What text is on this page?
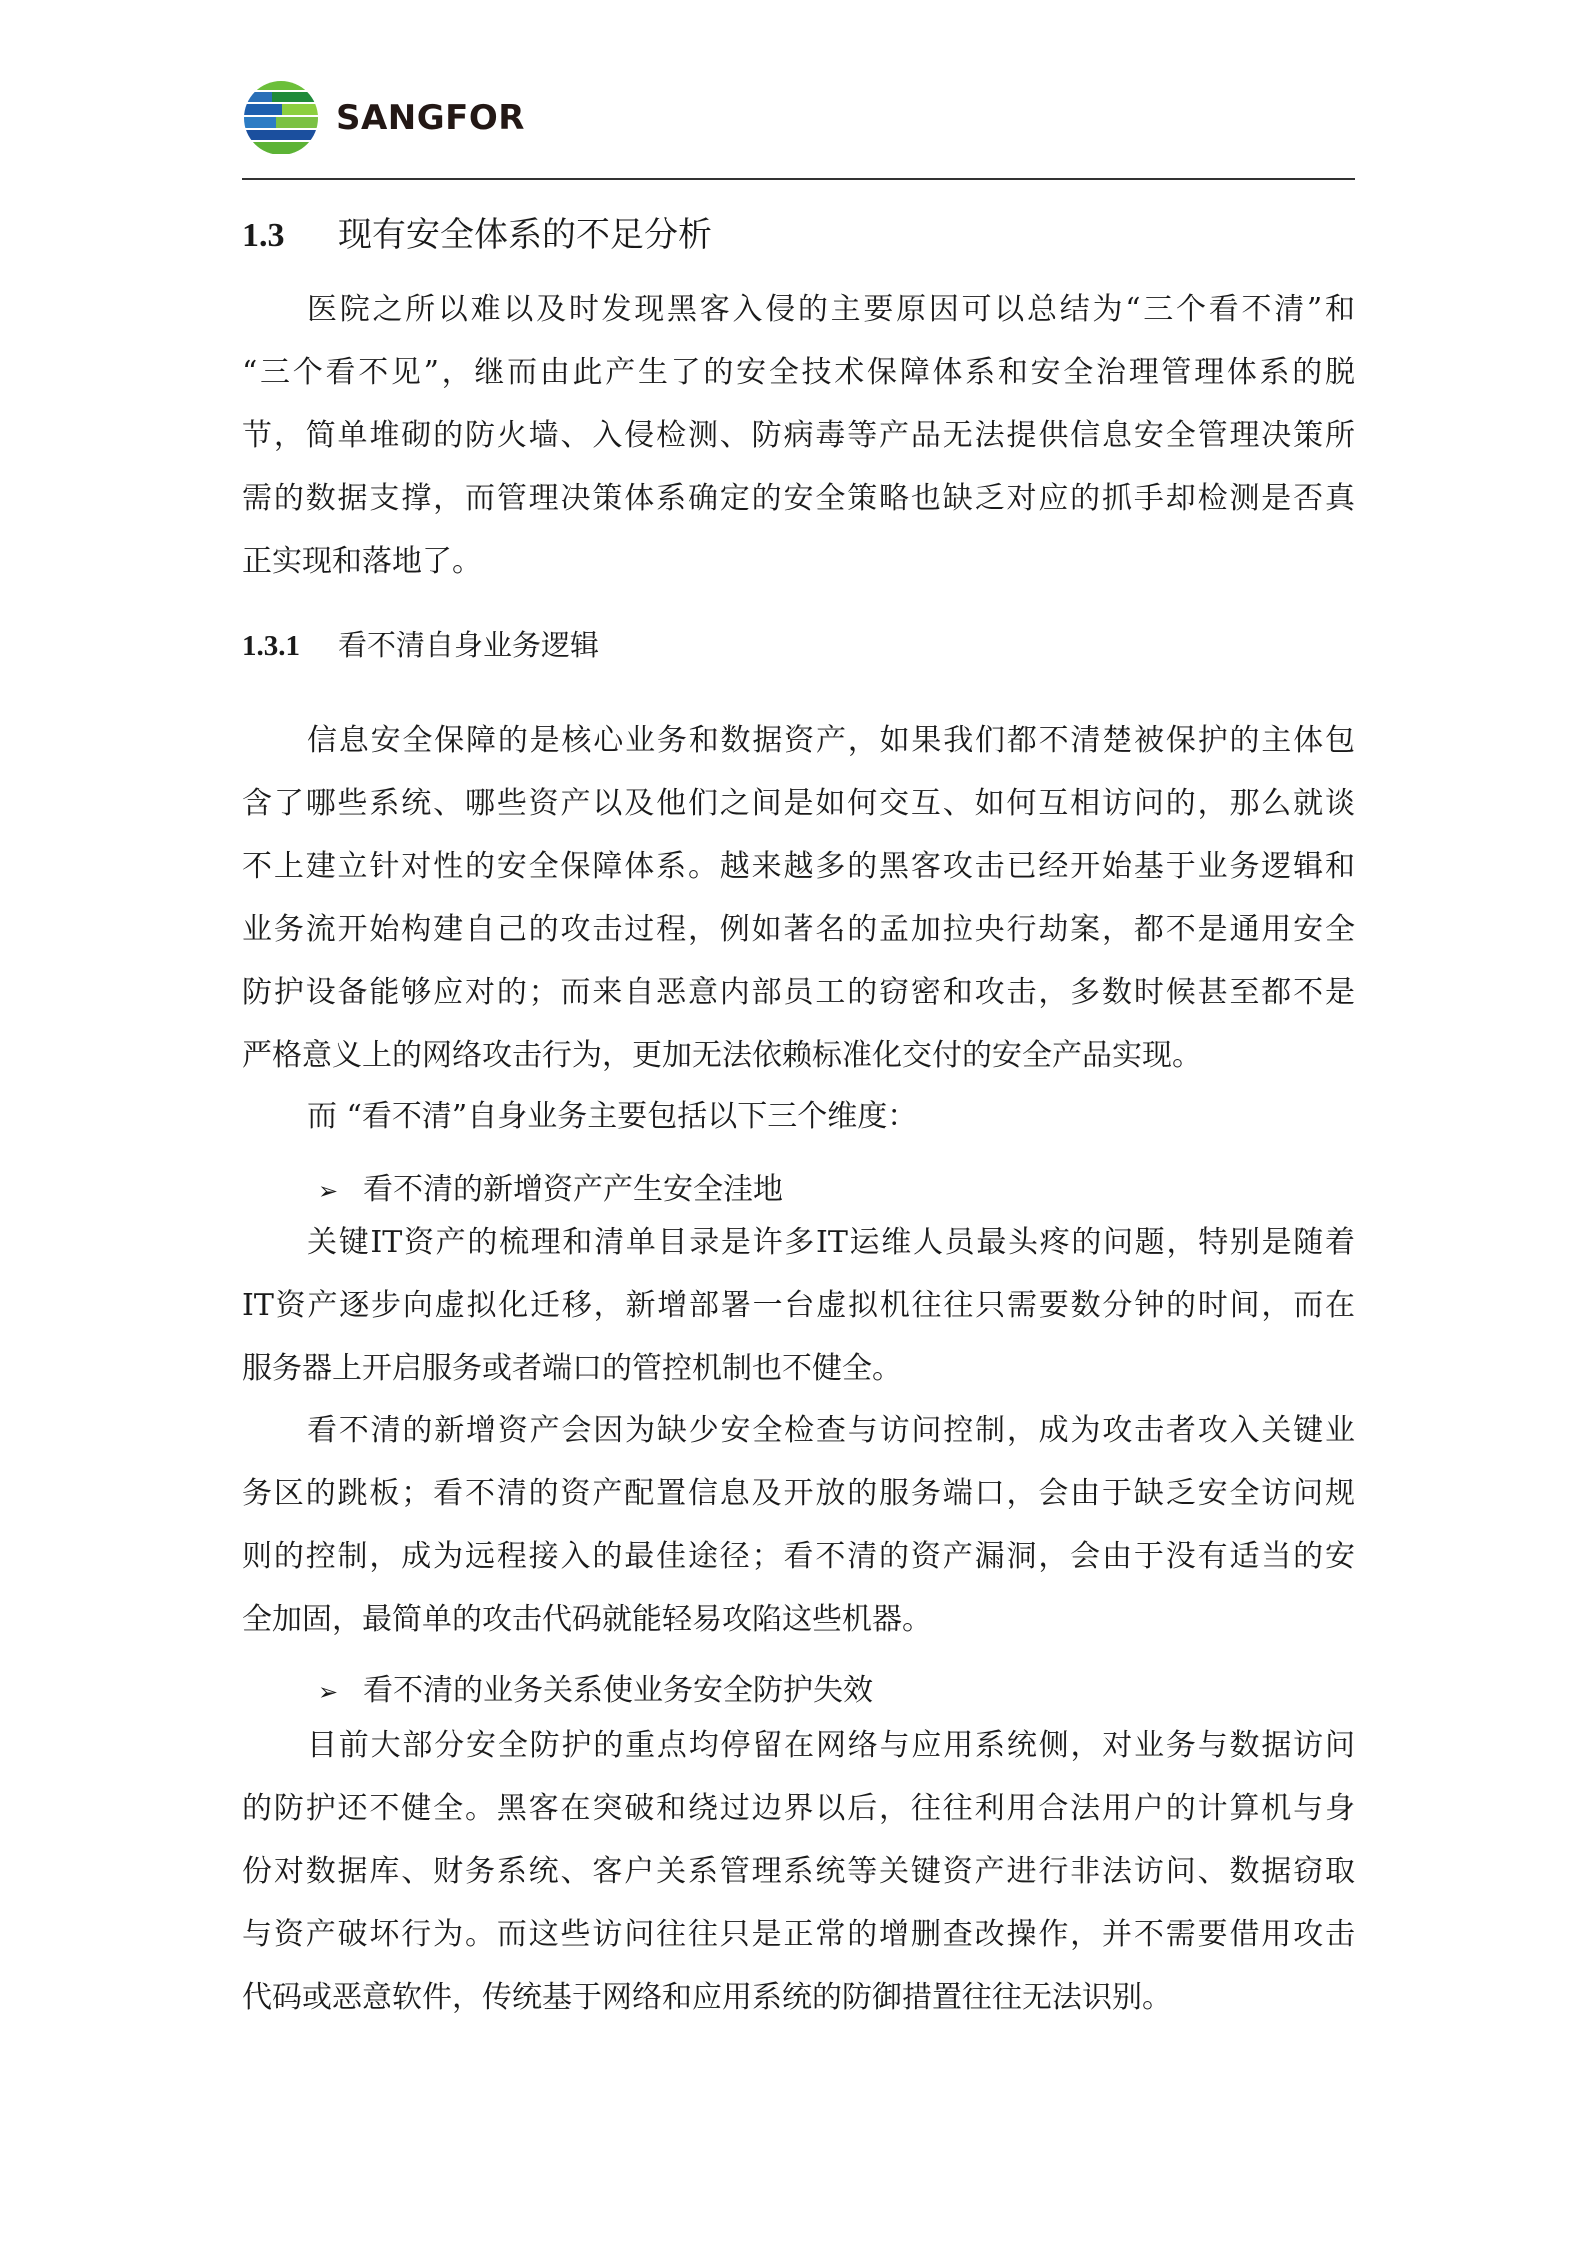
SANGFOR
1.3 现有安全体系的不足分析
1.3.1 看不清自身业务逻辑
医院之所以难以及时发现黑客入侵的主要原因可以总结为“三个看不清”和
“三个看不见”，继而由此产生了的安全技术保障体系和安全治理管理体系的脱
节，简单堆砌的防火墙、入侵检测、防病毒等产品无法提供信息安全管理决策所
需的数据支撑，而管理决策体系确定的安全策略也缺乏对应的抓手却检测是否真
正实现和落地了。
信息安全保障的是核心业务和数据资产，如果我们都不清楚被保护的主体包
含了哪些系统、哪些资产以及他们之间是如何交互、如何互相访问的，那么就谈
不上建立针对性的安全保障体系。越来越多的黑客攻击已经开始基于业务逻辑和
业务流开始构建自己的攻击过程，例如著名的孟加拉央行劫案，都不是通用安全
防护设备能够应对的；而来自恶意内部员工的窃密和攻击，多数时候甚至都不是
严格意义上的网络攻击行为，更加无法依赖标准化交付的安全产品实现。
而 “看不清”自身业务主要包括以下三个维度：
➢ 看不清的新增资产产生安全洼地
关键IT资产的梳理和清单目录是许多IT运维人员最头疼的问题，特别是随着
IT资产逐步向虚拟化迁移，新增部署一台虚拟机往往只需要数分钟的时间，而在
服务器上开启服务或者端口的管控机制也不健全。
看不清的新增资产会因为缺少安全检查与访问控制，成为攻击者攻入关键业
务区的跳板；看不清的资产配置信息及开放的服务端口，会由于缺乏安全访问规
则的控制，成为远程接入的最佳途径；看不清的资产漏洞，会由于没有适当的安
全加固，最简单的攻击代码就能轻易攻陷这些机器。
➢ 看不清的业务关系使业务安全防护失效
目前大部分安全防护的重点均停留在网络与应用系统侧，对业务与数据访问
的防护还不健全。黑客在突破和绕过边界以后，往往利用合法用户的计算机与身
份对数据库、财务系统、客户关系管理系统等关键资产进行非法访问、数据窃取
与资产破坏行为。而这些访问往往只是正常的增删查改操作，并不需要借用攻击
代码或恶意软件，传统基于网络和应用系统的防御措置往往无法识别。
